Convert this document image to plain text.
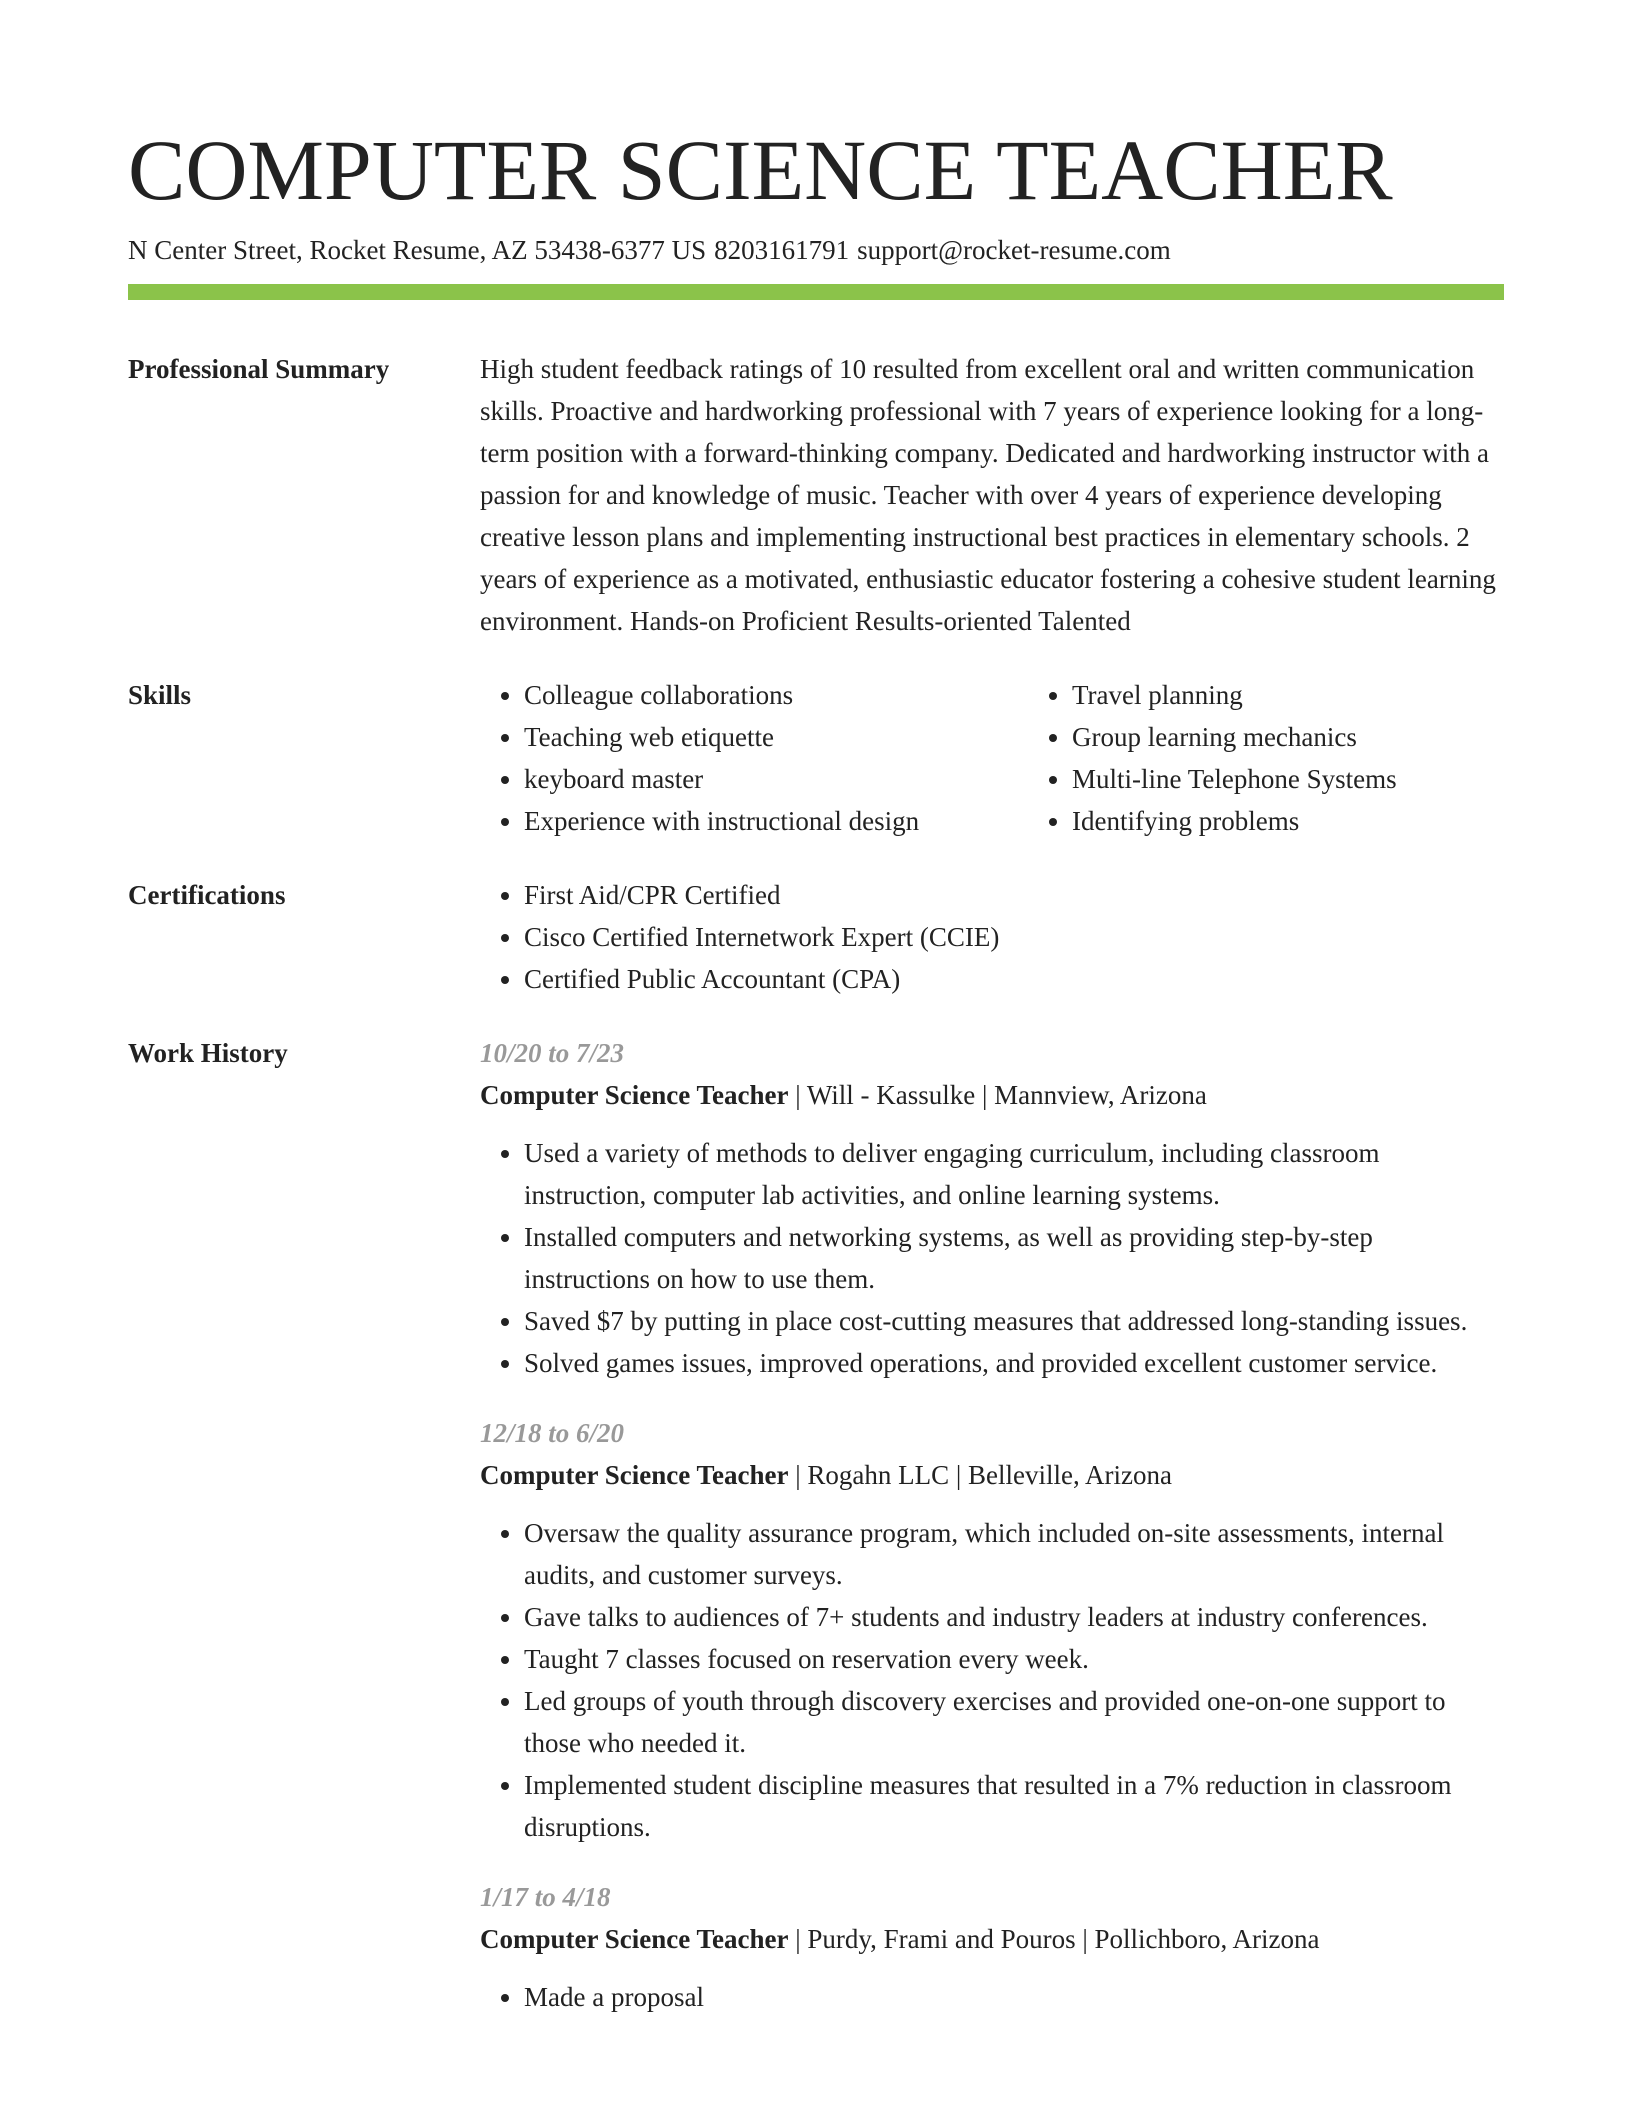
COMPUTER SCIENCE TEACHER
N Center Street, Rocket Resume, AZ 53438-6377 US 8203161791 support@rocket-resume.com
Professional Summary	High student feedback ratings of 10 resulted from excellent oral and written communication skills. Proactive and hardworking professional with 7 years of experience looking for a long-term position with a forward-thinking company. Dedicated and hardworking instructor with a passion for and knowledge of music. Teacher with over 4 years of experience developing creative lesson plans and implementing instructional best practices in elementary schools. 2 years of experience as a motivated, enthusiastic educator fostering a cohesive student learning environment. Hands-on Proficient Results-oriented Talented

Skills	• Colleague collaborations
• Teaching web etiquette
• keyboard master
• Experience with instructional design
• Travel planning
• Group learning mechanics
• Multi-line Telephone Systems
• Identifying problems
Certifications	• First Aid/CPR Certified
• Cisco Certified Internetwork Expert (CCIE)
• Certified Public Accountant (CPA)
Work History	10/20 to 7/23
Computer Science Teacher | Will - Kassulke | Mannview, Arizona
• Used a variety of methods to deliver engaging curriculum, including classroom instruction, computer lab activities, and online learning systems.
• Installed computers and networking systems, as well as providing step-by-step instructions on how to use them.
• Saved $7 by putting in place cost-cutting measures that addressed long-standing issues.
• Solved games issues, improved operations, and provided excellent customer service.
12/18 to 6/20
Computer Science Teacher | Rogahn LLC | Belleville, Arizona
• Oversaw the quality assurance program, which included on-site assessments, internal audits, and customer surveys.
• Gave talks to audiences of 7+ students and industry leaders at industry conferences.
• Taught 7 classes focused on reservation every week.
• Led groups of youth through discovery exercises and provided one-on-one support to those who needed it.
• Implemented student discipline measures that resulted in a 7% reduction in classroom disruptions.
1/17 to 4/18
Computer Science Teacher | Purdy, Frami and Pouros | Pollichboro, Arizona
• Made a proposal
